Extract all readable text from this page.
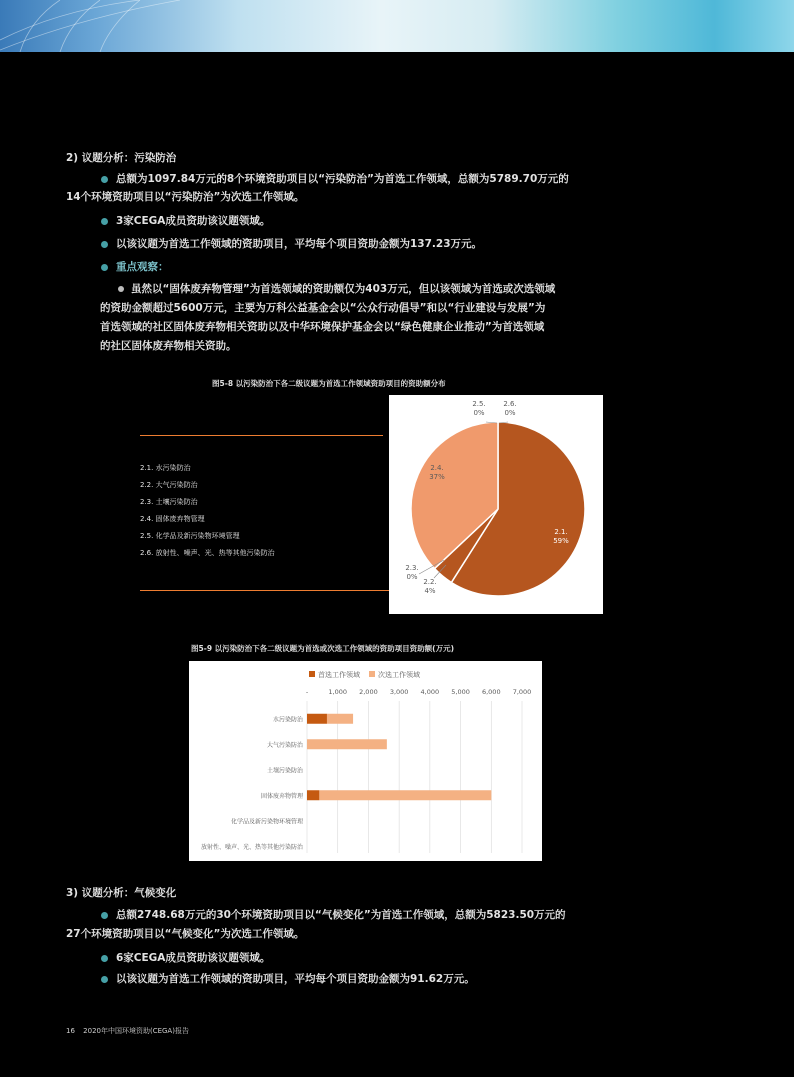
2) 议题分析：污染防治
总额为1097.84万元的8个环境资助项目以“污染防治”为首选工作领域，总额为5789.70万元的
14个环境资助项目以“污染防治”为次选工作领域。
3家CEGA成员资助该议题领域。
以该议题为首选工作领域的资助项目，平均每个项目资助金额为137.23万元。
重点观察：
虽然以“固体废弃物管理”为首选领域的资助额仅为403万元，但以该领域为首选或次选领域
的资助金额超过5600万元，主要为万科公益基金会以“公众行动倡导”和以“行业建设与发展”为
首选领域的社区固体废弃物相关资助以及中华环境保护基金会以“绿色健康企业推动”为首选领域
的社区固体废弃物相关资助。
图5-8 以污染防治下各二级议题为首选工作领域资助项目的资助额分布
2.1. 水污染防治
2.2. 大气污染防治
2.3. 土壤污染防治
2.4. 固体废弃物管理
2.5. 化学品及新污染物环境管理
2.6. 放射性、噪声、光、热等其他污染防治
2.1.
59%
2.2.
4%
2.3.
0%
2.4.
37%
2.5.
0%
2.6.
0%
图5-9 以污染防治下各二级议题为首选或次选工作领域的资助项目资助额(万元)
首选工作领域	次选工作领域
-	1,000 2,000 3,000 4,000 5,000 6,000 7,000
水污染防治
大气污染防治
土壤污染防治
固体废弃物管理
化学品及新污染物环境管理
放射性、噪声、光、热等其他污染防治
3) 议题分析：气候变化
总额2748.68万元的30个环境资助项目以“气候变化”为首选工作领域，总额为5823.50万元的
27个环境资助项目以“气候变化”为次选工作领域。
6家CEGA成员资助该议题领域。
以该议题为首选工作领域的资助项目，平均每个项目资助金额为91.62万元。
16 2020年中国环境资助(CEGA)报告
